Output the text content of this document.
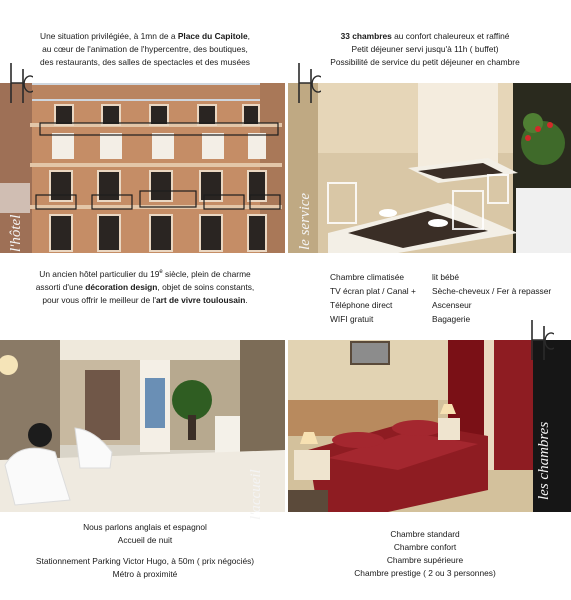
Une situation privilégiée, à 1mn de a Place du Capitole,

au cœur de l'animation de l'hypercentre, des boutiques,

des restaurants, des salles de spectacles et des musées

33 chambres au confort chaleureux et raffiné

Petit déjeuner servi jusqu'à 11h ( buffet)

Possibilité de service du petit déjeuner en chambre

l'hôtel	le service

Un ancien hôtel particulier du 19e siècle, plein de charme

assorti d'une décoration design, objet de soins constants,

pour vous offrir le meilleur de l'art de vivre toulousain.

Chambre climatisée

TV écran plat / Canal +

Téléphone direct

WIFI gratuit

lit bébé

Sèche-cheveux / Fer à repasser

Ascenseur

Bagagerie

l'accueil	les chambres

Nous parlons anglais et espagnol

Accueil de nuit

Stationnement Parking Victor Hugo, à 50m ( prix négociés)

Métro à proximité

Chambre standard

Chambre confort

Chambre supérieure

Chambre prestige ( 2 ou 3 personnes)
